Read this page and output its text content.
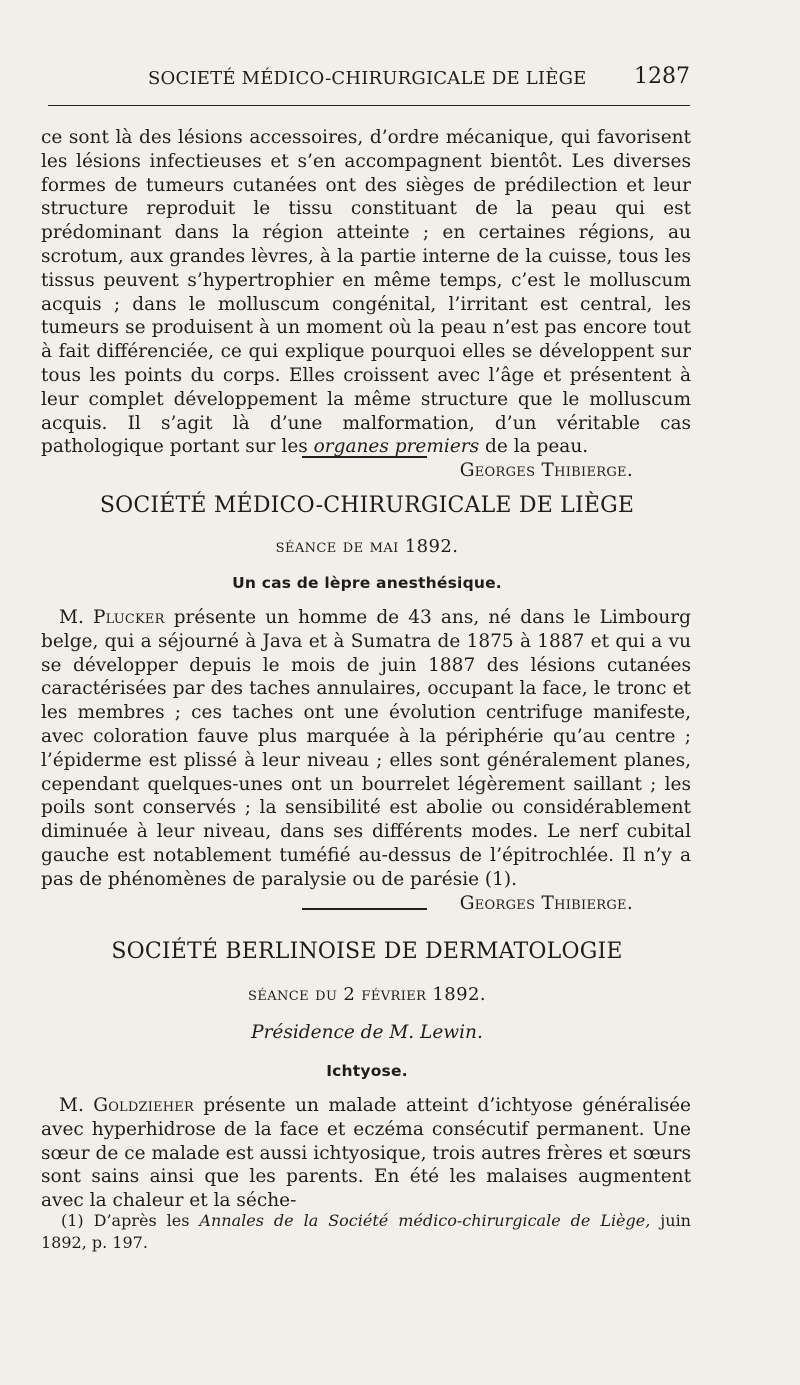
SOCIETÉ MÉDICO-CHIRURGICALE DE LIÈGE 1287

ce sont là des lésions accessoires, d’ordre mécanique, qui favorisent les lésions infectieuses et s’en accompagnent bientôt. Les diverses formes de tumeurs cutanées ont des sièges de prédilection et leur structure reproduit le tissu constituant de la peau qui est prédominant dans la région atteinte ; en certaines régions, au scrotum, aux grandes lèvres, à la partie interne de la cuisse, tous les tissus peuvent s’hypertrophier en même temps, c’est le molluscum acquis ; dans le molluscum congénital, l’irritant est central, les tumeurs se produisent à un moment où la peau n’est pas encore tout à fait différenciée, ce qui explique pourquoi elles se développent sur tous les points du corps. Elles croissent avec l’âge et présentent à leur complet développement la même structure que le molluscum acquis. Il s’agit là d’une malformation, d’un véritable cas pathologique portant sur les organes premiers de la peau.
Georges Thibierge.

SOCIÉTÉ MÉDICO-CHIRURGICALE DE LIÈGE
séance de mai 1892.
Un cas de lèpre anesthésique.

M. Plucker présente un homme de 43 ans, né dans le Limbourg belge, qui a séjourné à Java et à Sumatra de 1875 à 1887 et qui a vu se développer depuis le mois de juin 1887 des lésions cutanées caractérisées par des taches annulaires, occupant la face, le tronc et les membres ; ces taches ont une évolution centrifuge manifeste, avec coloration fauve plus marquée à la périphérie qu’au centre ; l’épiderme est plissé à leur niveau ; elles sont généralement planes, cependant quelques-unes ont un bourrelet légèrement saillant ; les poils sont conservés ; la sensibilité est abolie ou considérablement diminuée à leur niveau, dans ses différents modes. Le nerf cubital gauche est notablement tuméfié au-dessus de l’épitrochlée. Il n’y a pas de phénomènes de paralysie ou de parésie (1).

Georges Thibierge.
SOCIÉTÉ BERLINOISE DE DERMATOLOGIE
séance du 2 février 1892.
Présidence de M. Lewin.
Ichtyose.

M. Goldzieher présente un malade atteint d’ichtyose généralisée avec hyperhidrose de la face et eczéma consécutif permanent. Une sœur de ce malade est aussi ichtyosique, trois autres frères et sœurs sont sains ainsi que les parents. En été les malaises augmentent avec la chaleur et la séche-

(1) D’après les Annales de la Société médico-chirurgicale de Liège, juin 1892, p. 197.
